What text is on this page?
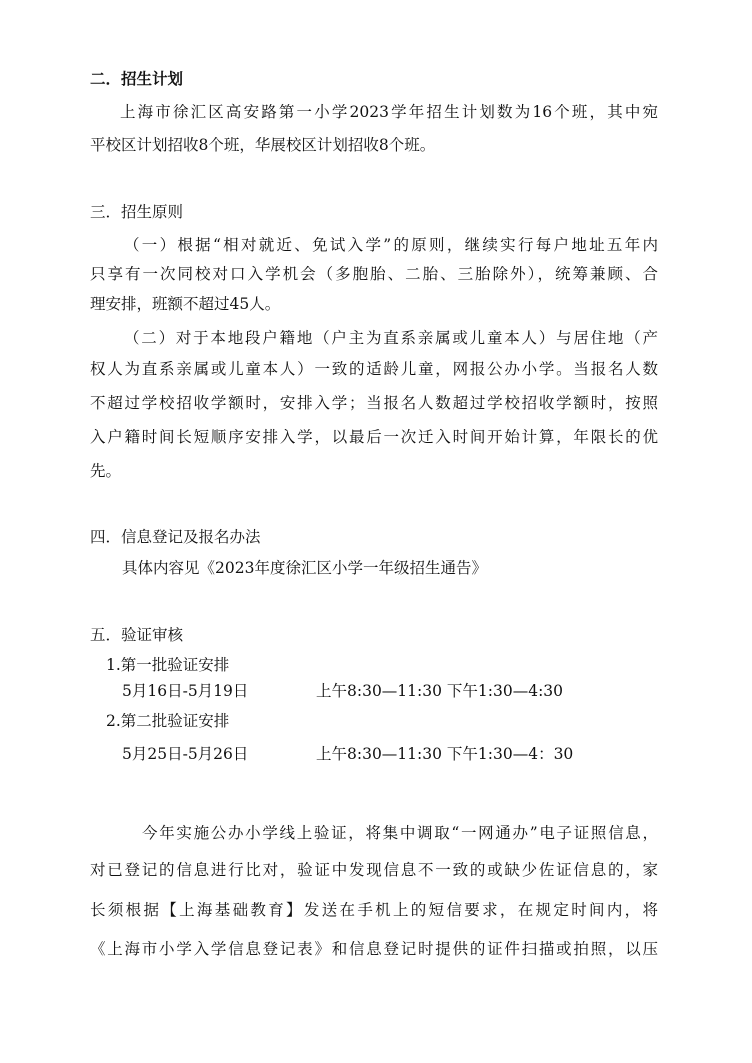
二．招生计划
上海市徐汇区高安路第一小学2023学年招生计划数为16个班，其中宛
平校区计划招收8个班，华展校区计划招收8个班。
三．招生原则
（一）根据“相对就近、免试入学”的原则，继续实行每户地址五年内
只享有一次同校对口入学机会（多胞胎、二胎、三胎除外），统筹兼顾、合
理安排，班额不超过45人。
（二）对于本地段户籍地（户主为直系亲属或儿童本人）与居住地（产
权人为直系亲属或儿童本人）一致的适龄儿童，网报公办小学。当报名人数
不超过学校招收学额时，安排入学；当报名人数超过学校招收学额时，按照
入户籍时间长短顺序安排入学，以最后一次迁入时间开始计算，年限长的优
先。
四．信息登记及报名办法
具体内容见《2023年度徐汇区小学一年级招生通告》
五．验证审核
1.第一批验证安排
5月16日-5月19日	上午8:30—11:30 下午1:30—4:30
2.第二批验证安排
5月25日-5月26日	上午8:30—11:30 下午1:30—4：30
今年实施公办小学线上验证，将集中调取“一网通办”电子证照信息，
对已登记的信息进行比对，验证中发现信息不一致的或缺少佐证信息的，家
长须根据【上海基础教育】发送在手机上的短信要求，在规定时间内，将
《上海市小学入学信息登记表》和信息登记时提供的证件扫描或拍照，以压
